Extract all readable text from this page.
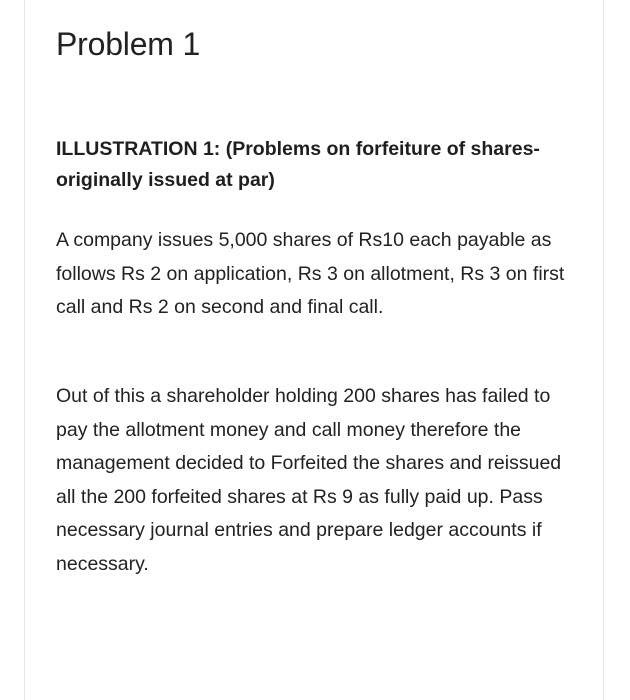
Problem 1
ILLUSTRATION 1: (Problems on forfeiture of shares- originally issued at par)

A company issues 5,000 shares of Rs10 each payable as follows Rs 2 on application, Rs 3 on allotment, Rs 3 on first call and Rs 2 on second and final call.

Out of this a shareholder holding 200 shares has failed to pay the allotment money and call money therefore the management decided to Forfeited the shares and reissued all the 200 forfeited shares at Rs 9 as fully paid up. Pass necessary journal entries and prepare ledger accounts if necessary.
